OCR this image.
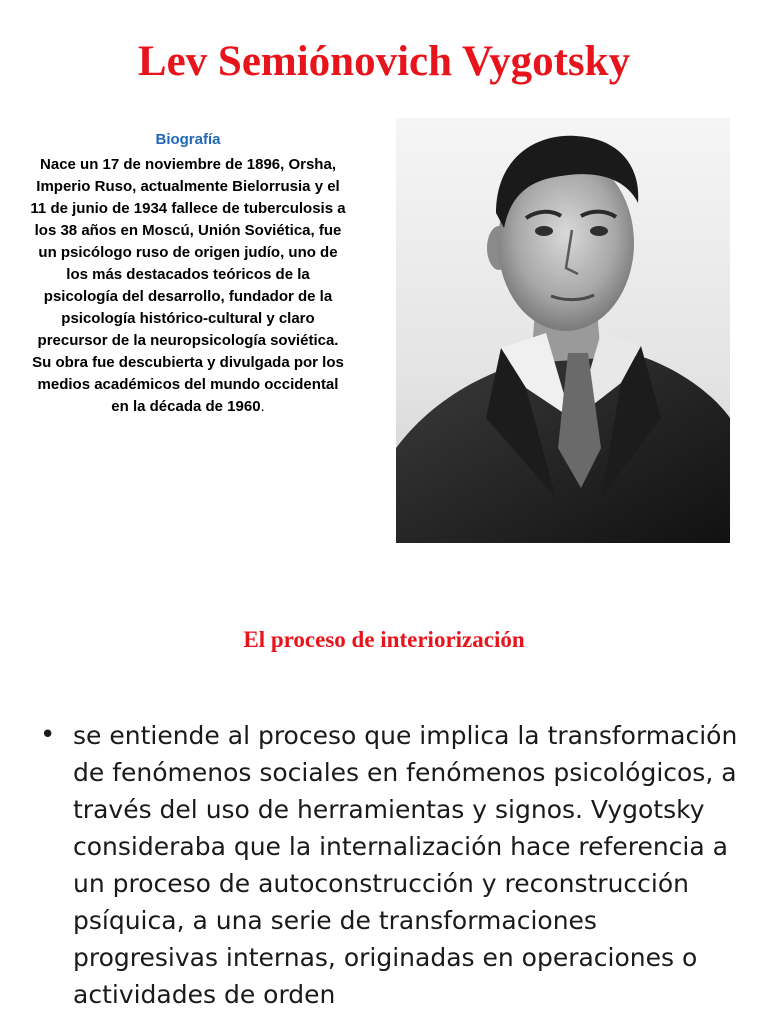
Lev Semiónovich Vygotsky
Biografía
Nace un 17 de noviembre de 1896, Orsha, Imperio Ruso, actualmente Bielorrusia y el 11 de junio de 1934 fallece de tuberculosis a los 38 años en Moscú, Unión Soviética, fue un psicólogo ruso de origen judío, uno de los más destacados teóricos de la psicología del desarrollo, fundador de la psicología histórico-cultural y claro precursor de la neuropsicología soviética. Su obra fue descubierta y divulgada por los medios académicos del mundo occidental en la década de 1960.
El proceso de interiorización
• se entiende al proceso que implica la transformación de fenómenos sociales en fenómenos psicológicos, a través del uso de herramientas y signos. Vygotsky consideraba que la internalización hace referencia a un proceso de autoconstrucción y reconstrucción psíquica, a una serie de transformaciones progresivas internas, originadas en operaciones o actividades de orden
